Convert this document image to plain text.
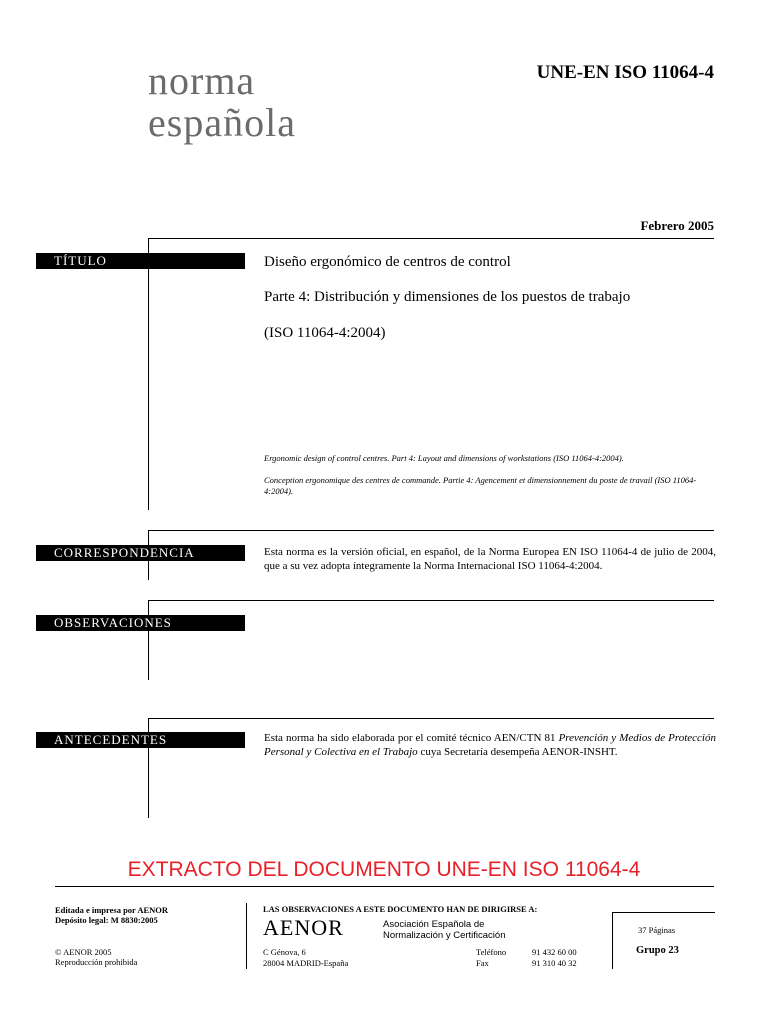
norma
española
UNE-EN ISO 11064-4
Febrero 2005
TÍTULO	Diseño ergonómico de centros de control
Parte 4: Distribución y dimensiones de los puestos de trabajo
(ISO 11064-4:2004)
Ergonomic design of control centres. Part 4: Layout and dimensions of workstations (ISO 11064-4:2004).
Conception ergonomique des centres de commande. Partie 4: Agencement et dimensionnement du poste de travail (ISO 11064-4:2004).
CORRESPONDENCIA	Esta norma es la versión oficial, en español, de la Norma Europea EN ISO 11064-4 de julio de 2004, que a su vez adopta íntegramente la Norma Internacional ISO 11064-4:2004.
OBSERVACIONES
ANTECEDENTES	Esta norma ha sido elaborada por el comité técnico AEN/CTN 81 Prevención y Medios de Protección Personal y Colectiva en el Trabajo cuya Secretaría desempeña AENOR-INSHT.
EXTRACTO DEL DOCUMENTO UNE-EN ISO 11064-4
Editada e impresa por AENOR
Depósito legal: M 8830:2005
© AENOR 2005
Reproducción prohibida
LAS OBSERVACIONES A ESTE DOCUMENTO HAN DE DIRIGIRSE A:
AENOR	Asociación Española de
Normalización y Certificación
C Génova, 6
28004 MADRID-España
Teléfono	91 432 60 00
Fax	91 310 40 32
37 Páginas
Grupo 23
